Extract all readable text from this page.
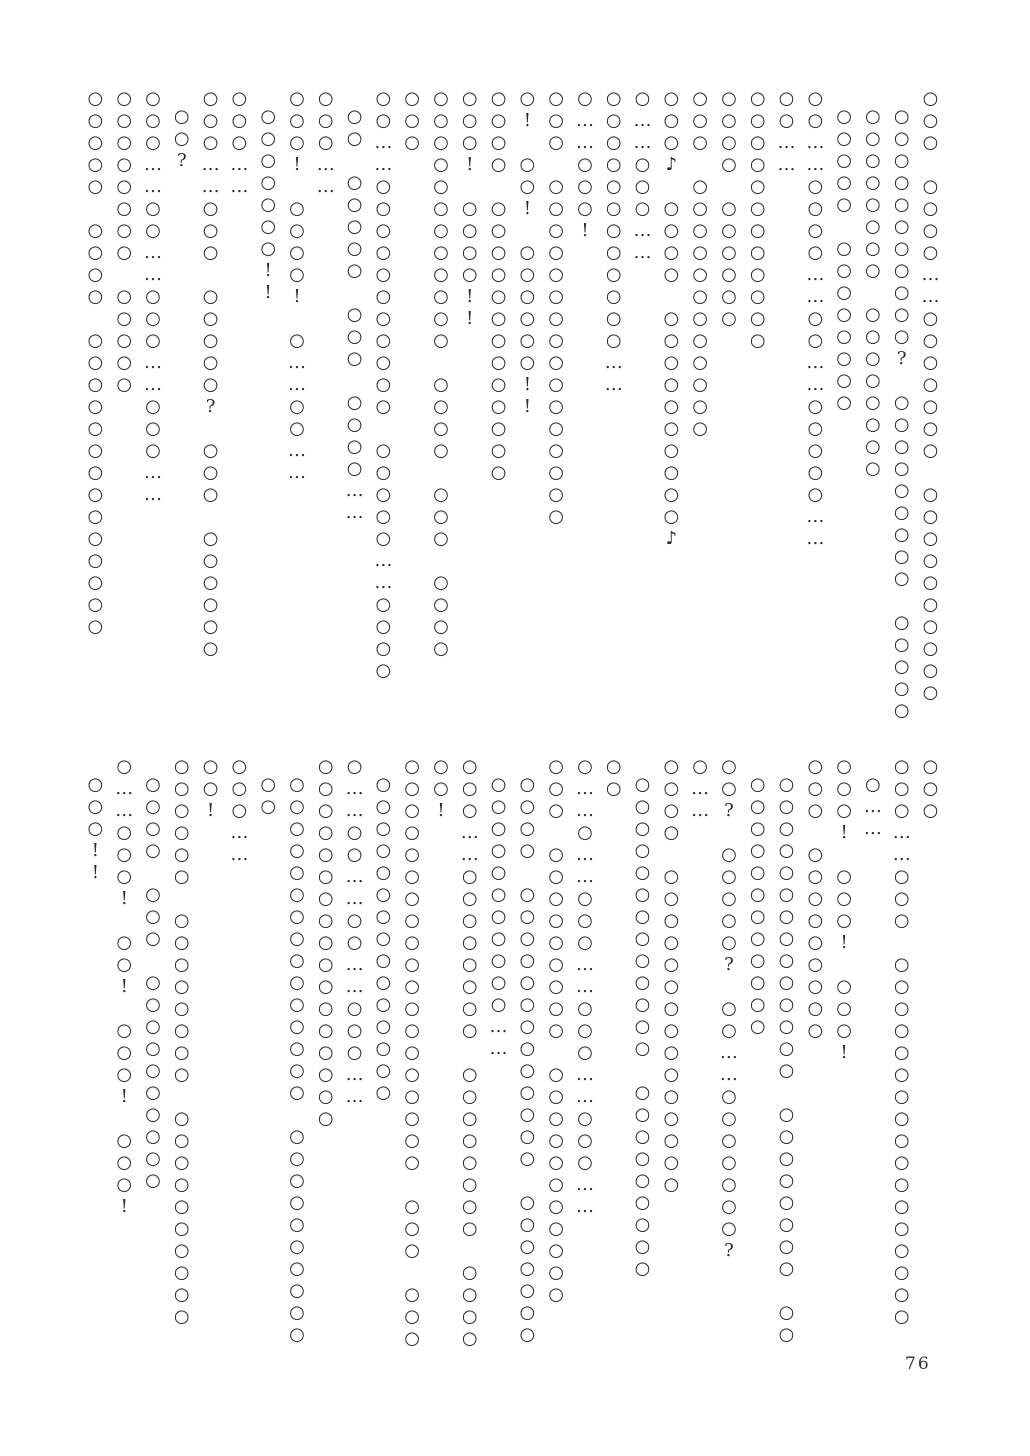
○○○ ○○○○……○○○○○○○ ○○○○○○○○○○
○○○○○○○○○○○? ○○○○○○○○○ ○○○○○
○○○○○○○○ ○○○○○○○○
○○○○○ ○○○○○○○○
○○……○○○○……○○……○○○○○……
○○……
○○○○○○○○○○○○
○○○○ ○○○○○○
○○○ ○○○○○○○○○○○○
○○○♪ ○○○○ ○○○○○○○○○○♪
○……○○○……
○○○○○○○○○○○○……
○……○○○!
○○○ ○○○○○○○○○○○○○○○○
○! ○○! ○○○○○○!!
○○○○ ○○○○○○○○○○○○○
○○○! ○○○○!!
○○○○○○○○○○○○ ○○○○ ○○○ ○○○○
○○○
○○……○○○○○○○○○○○ ○○○○○……○○○○
○○ ○○○○○ ○○○ ○○○○……
○○○……
○○○! ○○○○! ○……○○……
○○○○○○○!!
○○○……
○○○……○○○ ○○○○○? ○○○ ○○○○○○
○○?
○○○……○○……○○○……○○○……
○○○○○○○○ ○○○○○
○○○○○ ○○○○ ○○○○○○○○○○○○○○
○○○
○○○……○○○ ○○○○○○○○○○○○○○○○○
○……
○○○! ○○○! ○○○!
○○○ ○○○○○○○○○
○○○○○○○○○○○○○○ ○○○○○○○○ ○○
○○○○○○○○○○○○
○○? ○○○○○? ○○……○○○○○○○?
○……
○○○○ ○○○○○○○○○○○○○○○
○○○○○○○○○○○○○ ○○○○○○○○○
○○
○……○……○○○……○○○……○○○……
○○○ ○○○○○○○○○ ○○○○○○○○○○○
○○○○ ○○○○○○○○○○○○○ ○○○○○○○
○○○○○○○○○○○……
○○○……○○○○○○○○ ○○○○○○○○ ○○○○
○○!
○○○○○○○○○○○○○○○○○○○ ○○○ ○○○
○○○○○○○○○○○○○○○
○……○○……○○……○○○……
○○○○○○○○○○○○○○○○○
○○○○○○○○○○○○○○○ ○○○○○○○○○○
○○
○○○……
○○!
○○○○○○ ○○○○○○○○ ○○○○○○○○○○
○○○○ ○○○ ○○○○○○○○○○
○……○○○! ○○! ○○○! ○○○!
○○○!!
76
